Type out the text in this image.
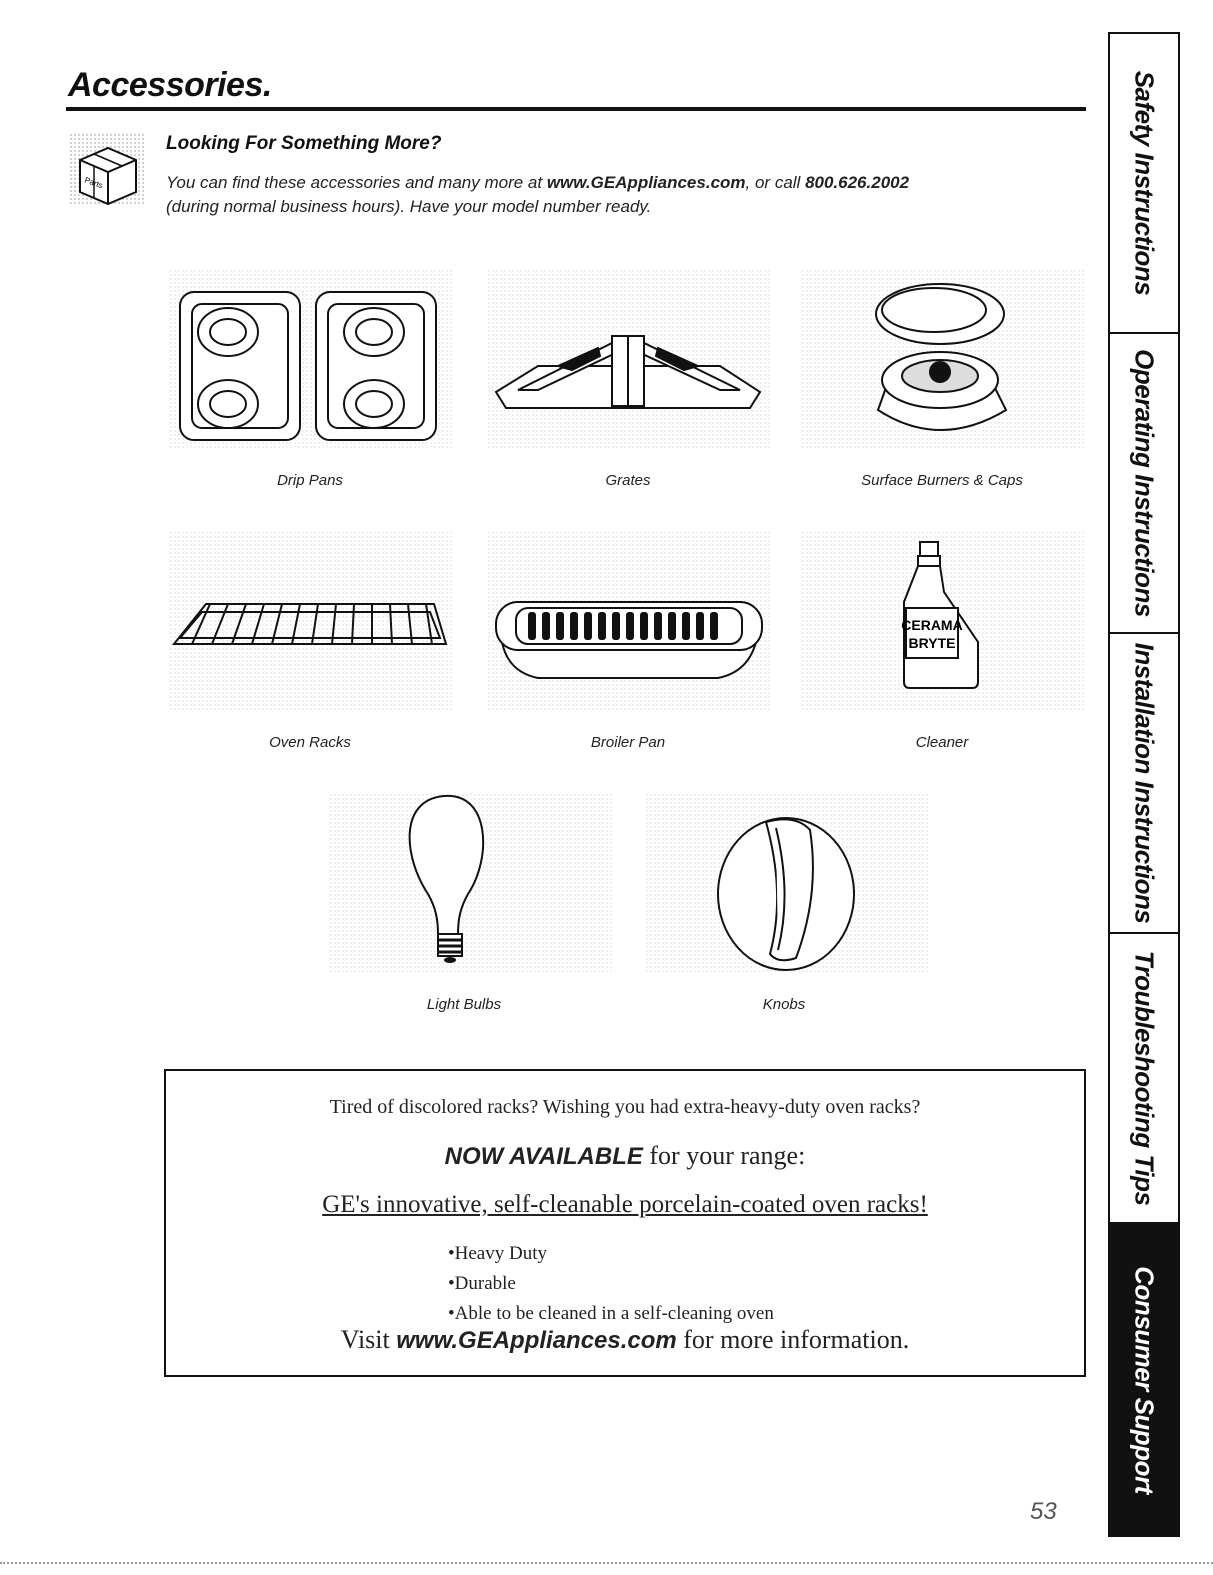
Accessories.
Parts
Looking For Something More?
You can find these accessories and many more at www.GEAppliances.com, or call 800.626.2002 (during normal business hours). Have your model number ready.
Drip Pans	Grates	Surface Burners & Caps
Oven Racks	Broiler Pan
CERAMA
BRYTE
Cleaner
Light Bulbs	Knobs
Tired of discolored racks? Wishing you had extra-heavy-duty oven racks?
NOW AVAILABLE for your range:
GE's innovative, self-cleanable porcelain-coated oven racks!
• Heavy Duty
• Durable
• Able to be cleaned in a self-cleaning oven
Visit www.GEAppliances.com for more information.
53
Safety Instructions
Operating Instructions
Installation Instructions
Troubleshooting Tips
Consumer Support
